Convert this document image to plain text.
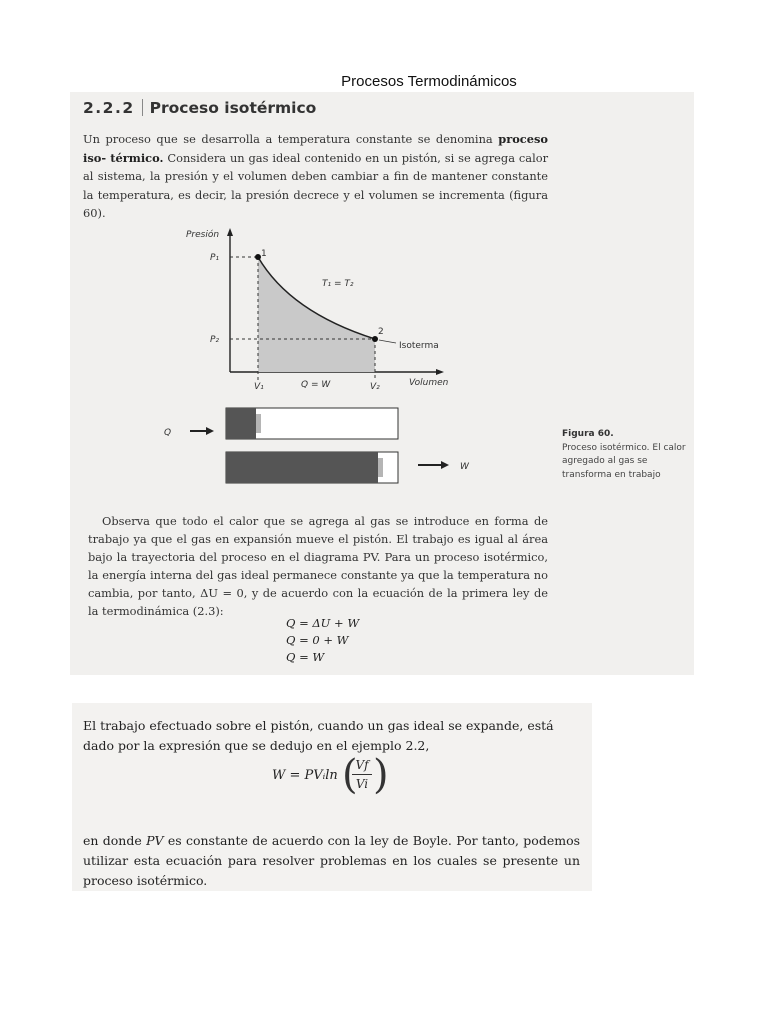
Procesos Termodinámicos
2.2.2 Proceso isotérmico
Un proceso que se desarrolla a temperatura constante se denomina proceso iso- térmico. Considera un gas ideal contenido en un pistón, si se agrega calor al sistema, la presión y el volumen deben cambiar a fin de mantener constante la temperatura, es decir, la presión decrece y el volumen se incrementa (figura 60).
Presión
P₁
P₂
1
2
T₁ = T₂
Isoterma
V₁	V₂
Q = W	Volumen
Q
W
Figura 60.
Proceso isotérmico. El calor agregado al gas se transforma en trabajo
Observa que todo el calor que se agrega al gas se introduce en forma de trabajo ya que el gas en expansión mueve el pistón. El trabajo es igual al área bajo la trayectoria del proceso en el diagrama PV. Para un proceso isotérmico, la energía interna del gas ideal permanece constante ya que la temperatura no cambia, por tanto, ΔU = 0, y de acuerdo con la ecuación de la primera ley de la termodinámica (2.3):
Q = ΔU + W
Q = 0 + W
Q = W
El trabajo efectuado sobre el pistón, cuando un gas ideal se expande, está dado por la expresión que se dedujo en el ejemplo 2.2,
W = PVᵢln (
Vf
Vi )
en donde PV es constante de acuerdo con la ley de Boyle. Por tanto, podemos utilizar esta ecuación para resolver problemas en los cuales se presente un proceso isotérmico.
